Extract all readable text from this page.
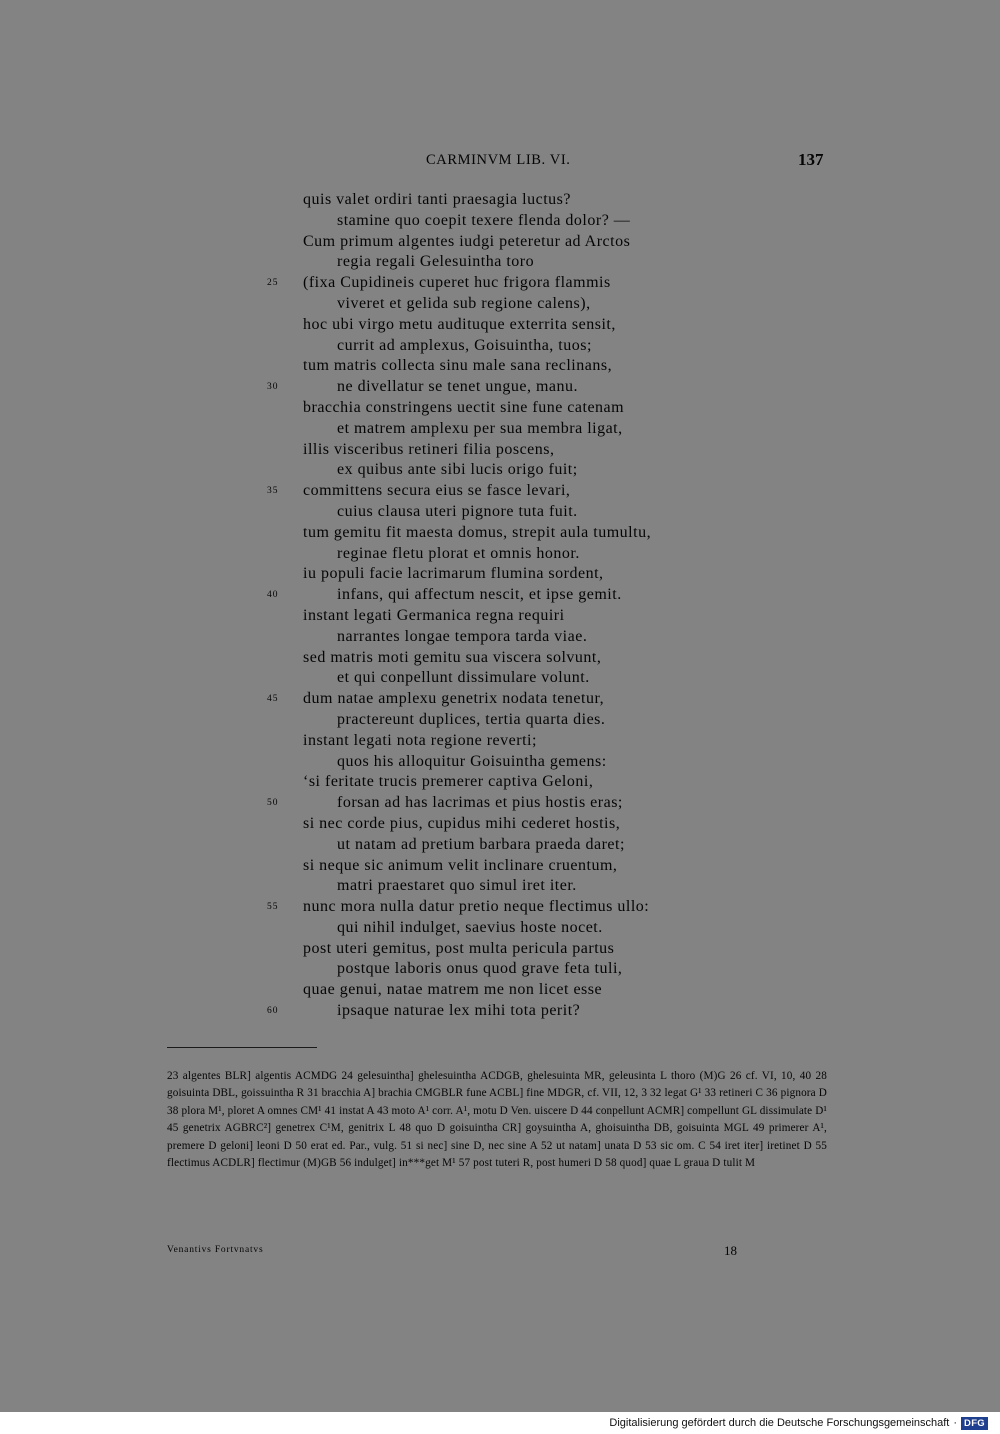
CARMINVM LIB. VI.	137
quis valet ordiri tanti praesagia luctus?
stamine quo coepit texere flenda dolor? —
Cum primum algentes iudgi peteretur ad Arctos
regia regali Gelesuintha toro
25 (fixa Cupidineis cuperet huc frigora flammis
viveret et gelida sub regione calens),
hoc ubi virgo metu audituque exterrita sensit,
currit ad amplexus, Goisuintha, tuos;
tum matris collecta sinu male sana reclinans,
30	ne divellatur se tenet ungue, manu.
bracchia constringens uectit sine fune catenam
et matrem amplexu per sua membra ligat,
illis visceribus retineri filia poscens,
ex quibus ante sibi lucis origo fuit;
35 committens secura eius se fasce levari,
cuius clausa uteri pignore tuta fuit.
tum gemitu fit maesta domus, strepit aula tumultu,
reginae fletu plorat et omnis honor.
iu populi facie lacrimarum flumina sordent,
40	infans, qui affectum nescit, et ipse gemit.
instant legati Germanica regna requiri
narrantes longae tempora tarda viae.
sed matris moti gemitu sua viscera solvunt,
et qui conpellunt dissimulare volunt.
45 dum natae amplexu genetrix nodata tenetur,
practereunt duplices, tertia quarta dies.
instant legati nota regione reverti;
quos his alloquitur Goisuintha gemens:
‘si feritate trucis premerer captiva Geloni,
50	forsan ad has lacrimas et pius hostis eras;
si nec corde pius, cupidus mihi cederet hostis,
ut natam ad pretium barbara praeda daret;
si neque sic animum velit inclinare cruentum,
matri praestaret quo simul iret iter.
55 nunc mora nulla datur pretio neque flectimus ullo:
qui nihil indulget, saevius hoste nocet.
post uteri gemitus, post multa pericula partus
postque laboris onus quod grave feta tuli,
quae genui, natae matrem me non licet esse
60	ipsaque naturae lex mihi tota perit?
23 algentes BLR] algentis ACMDG 24 gelesuintha] ghelesuintha ACDGB, ghelesuinta MR, geleusinta L thoro (M)G 26 cf. VI, 10, 40 28 goisuinta DBL, goissuintha R 31 bracchia A] brachia CMGBLR fune ACBL] fine MDGR, cf. VII, 12, 3 32 legat G¹ 33 retineri C 36 pignora D 38 plora M¹, ploret A omnes CM¹ 41 instat A 43 moto A¹ corr. A¹, motu D Ven. uiscere D 44 conpellunt ACMR] compellunt GL dissimulate D¹ 45 genetrix AGBRC²] genetrex C¹M, genitrix L 48 quo D goisuintha CR] goysuintha A, ghoisuintha DB, goisuinta MGL 49 primerer A¹, premere D geloni] leoni D 50 erat ed. Par., vulg. 51 si nec] sine D, nec sine A 52 ut natam] unata D 53 sic om. C 54 iret iter] iretinet D 55 flectimus ACDLR] flectimur (M)GB 56 indulget] in***get M¹ 57 post tuteri R, post humeri D 58 quod] quae L graua D tulit M
Venantivs Fortvnatvs	18
Digitalisierung gefördert durch die Deutsche Forschungsgemeinschaft · DFG
